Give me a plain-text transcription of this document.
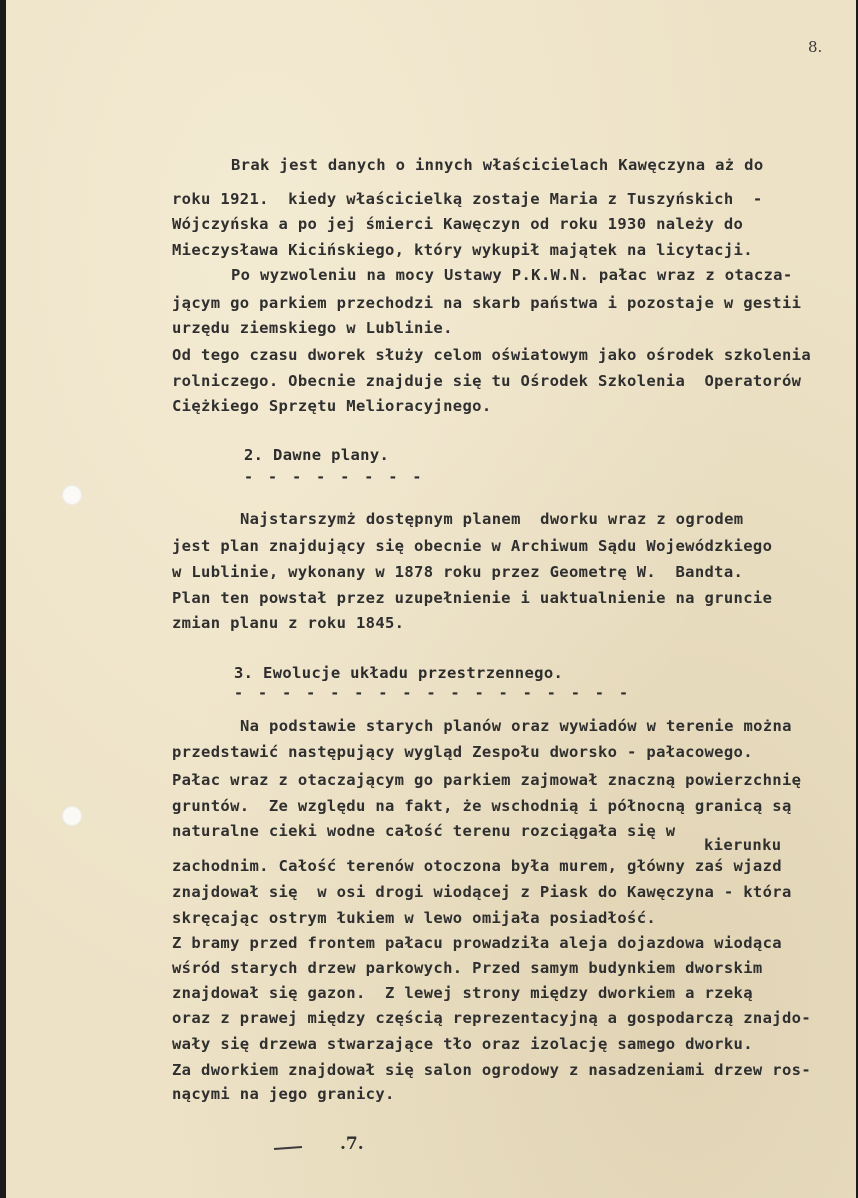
8.
Brak jest danych o innych właścicielach Kawęczyna aż do
roku 1921.  kiedy właścicielką zostaje Maria z Tuszyńskich  -
Wójczyńska a po jej śmierci Kawęczyn od roku 1930 należy do
Mieczysława Kicińskiego, który wykupił majątek na licytacji.
Po wyzwoleniu na mocy Ustawy P.K.W.N. pałac wraz z otacza-
jącym go parkiem przechodzi na skarb państwa i pozostaje w gestii
urzędu ziemskiego w Lublinie.
Od tego czasu dworek służy celom oświatowym jako ośrodek szkolenia
rolniczego. Obecnie znajduje się tu Ośrodek Szkolenia  Operatorów
Ciężkiego Sprzętu Melioracyjnego.
2. Dawne plany.
- - - - - - - -
Najstarszymż dostępnym planem  dworku wraz z ogrodem
jest plan znajdujący się obecnie w Archiwum Sądu Wojewódzkiego
w Lublinie, wykonany w 1878 roku przez Geometrę W.  Bandta.
Plan ten powstał przez uzupełnienie i uaktualnienie na gruncie
zmian planu z roku 1845.
3. Ewolucje układu przestrzennego.
- - - - - - - - - - - - - - - - -
Na podstawie starych planów oraz wywiadów w terenie można
przedstawić następujący wygląd Zespołu dworsko - pałacowego.
Pałac wraz z otaczającym go parkiem zajmował znaczną powierzchnię
gruntów.  Ze względu na fakt, że wschodnią i północną granicą są
naturalne cieki wodne całość terenu rozciągała się w
kierunku
zachodnim. Całość terenów otoczona była murem, główny zaś wjazd
znajdował się  w osi drogi wiodącej z Piask do Kawęczyna - która
skręcając ostrym łukiem w lewo omijała posiadłość.
Z bramy przed frontem pałacu prowadziła aleja dojazdowa wiodąca
wśród starych drzew parkowych. Przed samym budynkiem dworskim
znajdował się gazon.  Z lewej strony między dworkiem a rzeką
oraz z prawej między częścią reprezentacyjną a gospodarczą znajdo-
wały się drzewa stwarzające tło oraz izolację samego dworku.
Za dworkiem znajdował się salon ogrodowy z nasadzeniami drzew ros-
nącymi na jego granicy.
.7.
